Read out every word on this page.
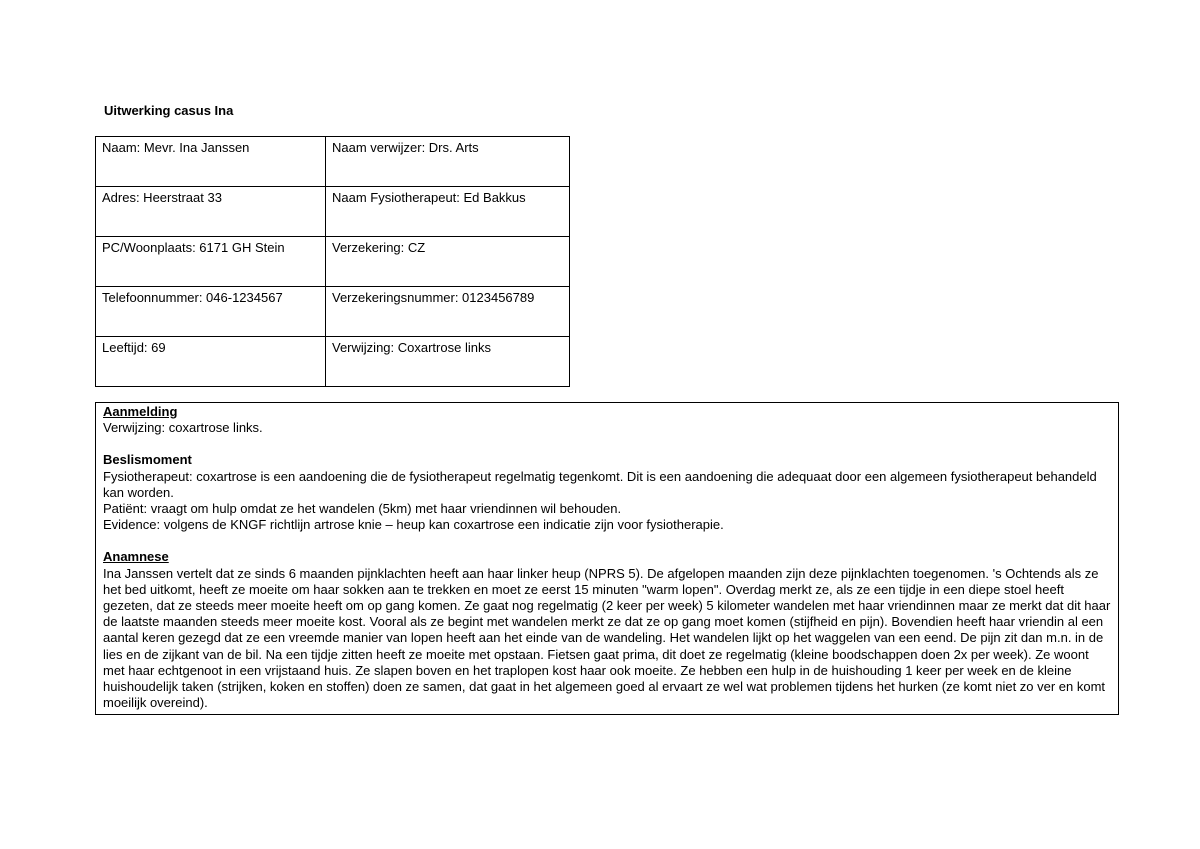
Uitwerking casus Ina
Naam: Mevr. Ina Janssen	Naam verwijzer: Drs. Arts
Adres: Heerstraat 33	Naam Fysiotherapeut: Ed Bakkus
PC/Woonplaats: 6171 GH Stein	Verzekering: CZ
Telefoonnummer: 046-1234567	Verzekeringsnummer: 0123456789
Leeftijd: 69	Verwijzing: Coxartrose links

Aanmelding

Verwijzing: coxartrose links.

Beslismoment

Fysiotherapeut: coxartrose is een aandoening die de fysiotherapeut regelmatig tegenkomt. Dit is een aandoening die adequaat door een algemeen fysiotherapeut behandeld kan worden.

Patiënt: vraagt om hulp omdat ze het wandelen (5km) met haar vriendinnen wil behouden.

Evidence: volgens de KNGF richtlijn artrose knie – heup kan coxartrose een indicatie zijn voor fysiotherapie.

Anamnese

Ina Janssen vertelt dat ze sinds 6 maanden pijnklachten heeft aan haar linker heup (NPRS 5). De afgelopen maanden zijn deze pijnklachten toegenomen. 's Ochtends als ze het bed uitkomt, heeft ze moeite om haar sokken aan te trekken en moet ze eerst 15 minuten "warm lopen". Overdag merkt ze, als ze een tijdje in een diepe stoel heeft gezeten, dat ze steeds meer moeite heeft om op gang komen. Ze gaat nog regelmatig (2 keer per week) 5 kilometer wandelen met haar vriendinnen maar ze merkt dat dit haar de laatste maanden steeds meer moeite kost. Vooral als ze begint met wandelen merkt ze dat ze op gang moet komen (stijfheid en pijn). Bovendien heeft haar vriendin al een aantal keren gezegd dat ze een vreemde manier van lopen heeft aan het einde van de wandeling. Het wandelen lijkt op het waggelen van een eend. De pijn zit dan m.n. in de lies en de zijkant van de bil. Na een tijdje zitten heeft ze moeite met opstaan. Fietsen gaat prima, dit doet ze regelmatig (kleine boodschappen doen 2x per week). Ze woont met haar echtgenoot in een vrijstaand huis. Ze slapen boven en het traplopen kost haar ook moeite. Ze hebben een hulp in de huishouding 1 keer per week en de kleine huishoudelijk taken (strijken, koken en stoffen) doen ze samen, dat gaat in het algemeen goed al ervaart ze wel wat problemen tijdens het hurken (ze komt niet zo ver en komt moeilijk overeind).
